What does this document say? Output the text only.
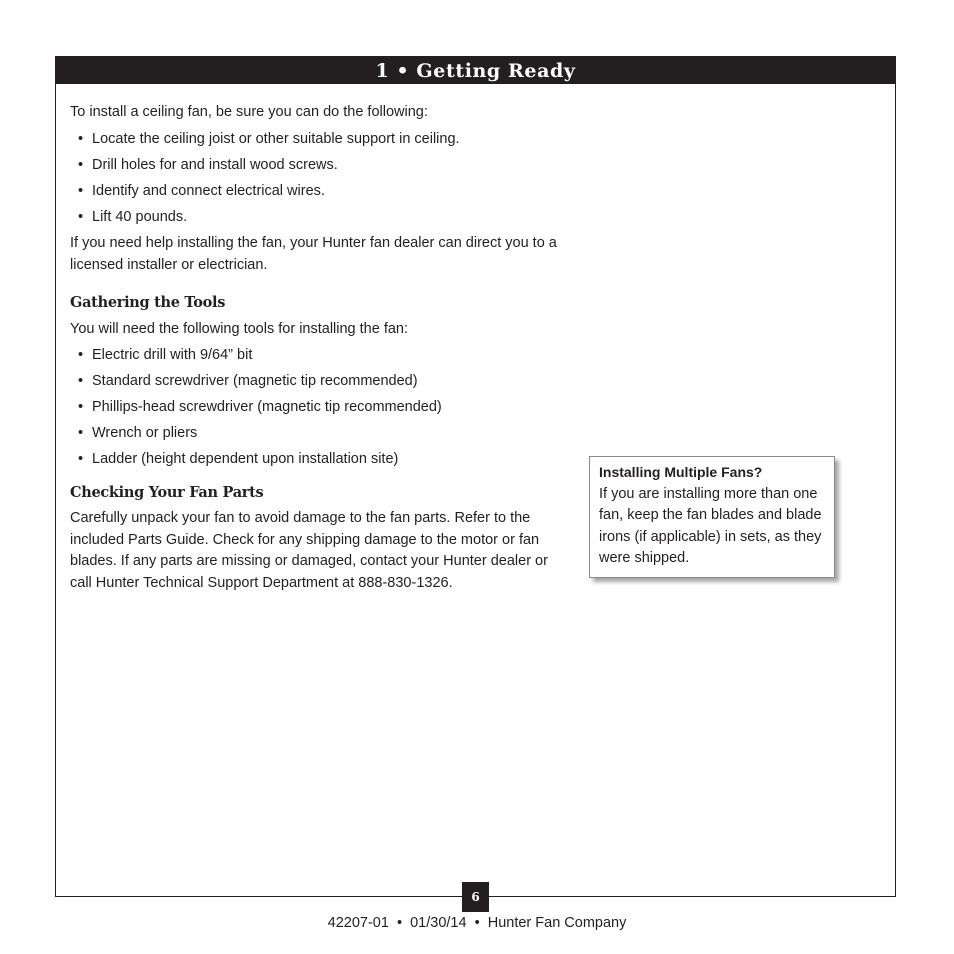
1 • Getting Ready

To install a ceiling fan, be sure you can do the following:

• Locate the ceiling joist or other suitable support in ceiling.
• Drill holes for and install wood screws.
• Identify and connect electrical wires.
• Lift 40 pounds.

If you need help installing the fan, your Hunter fan dealer can direct you to a licensed installer or electrician.

Gathering the Tools

You will need the following tools for installing the fan:

• Electric drill with 9/64” bit
• Standard screwdriver (magnetic tip recommended)
• Phillips-head screwdriver (magnetic tip recommended)
• Wrench or pliers
• Ladder (height dependent upon installation site)
Checking Your Fan Parts

Carefully unpack your fan to avoid damage to the fan parts. Refer to the included Parts Guide. Check for any shipping damage to the motor or fan blades. If any parts are missing or damaged, contact your Hunter dealer or call Hunter Technical Support Department at 888-830-1326.

Installing Multiple Fans?
If you are installing more than one fan, keep the fan blades and blade irons (if applicable) in sets, as they were shipped.
6
42207-01  •  01/30/14  •  Hunter Fan Company
